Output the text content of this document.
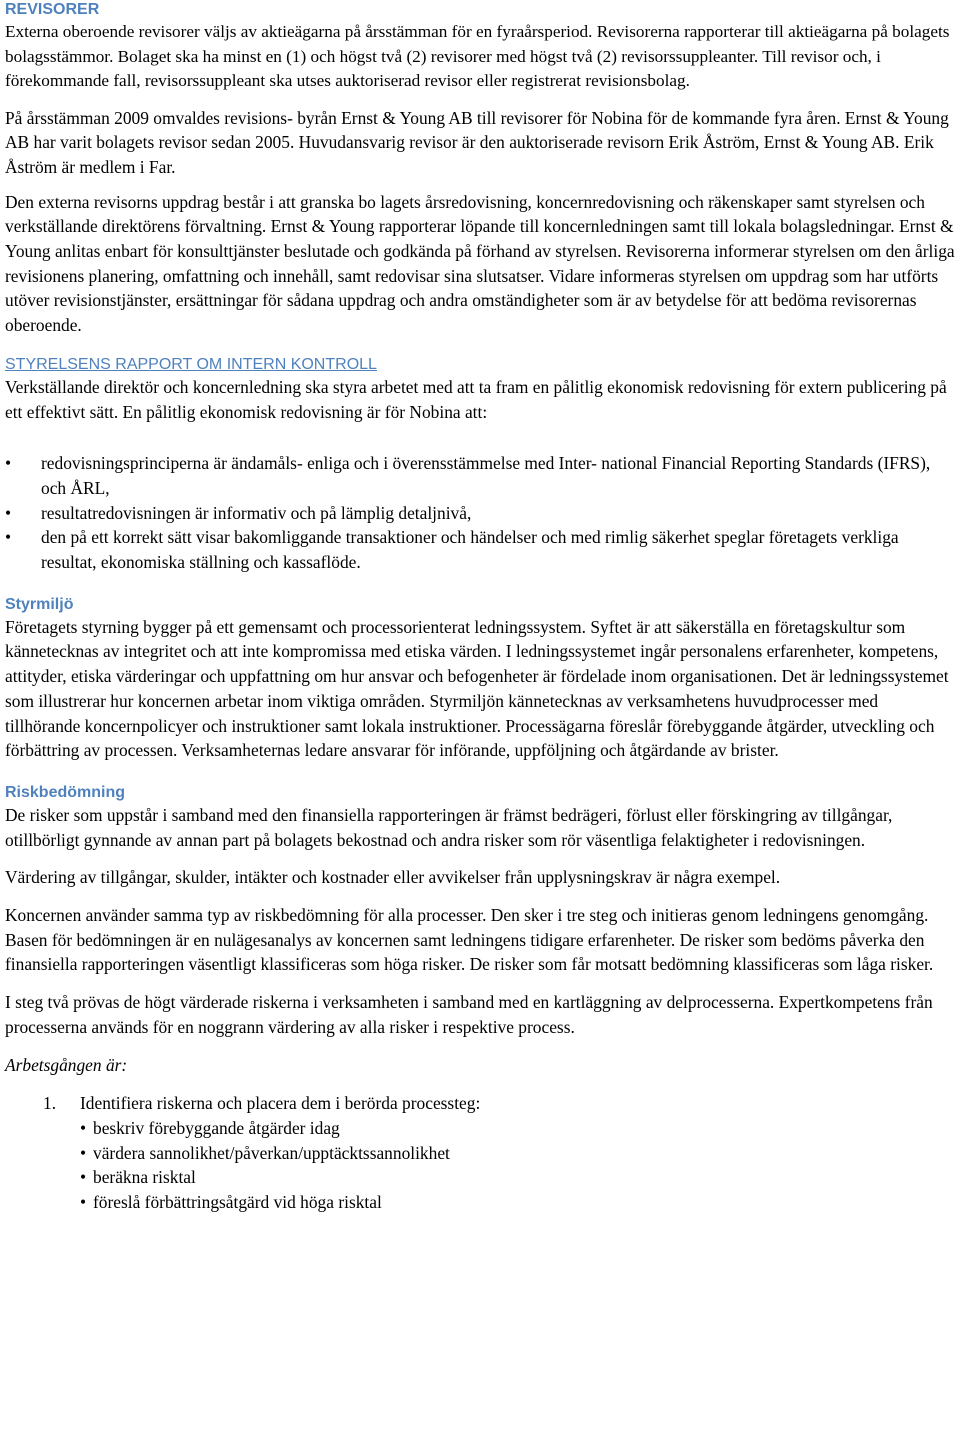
REVISORER

Externa oberoende revisorer väljs av aktieägarna på årsstämman för en fyraårsperiod. Revisorerna rapporterar till aktieägarna på bolagets bolagsstämmor. Bolaget ska ha minst en (1) och högst två (2) revisorer med högst två (2) revisorssuppleanter. Till revisor och, i förekommande fall, revisorssuppleant ska utses auktoriserad revisor eller registrerat revisionsbolag.

På årsstämman 2009 omvaldes revisions- byrån Ernst & Young AB till revisorer för Nobina för de kommande fyra åren. Ernst & Young AB har varit bolagets revisor sedan 2005. Huvudansvarig revisor är den auktoriserade revisorn Erik Åström, Ernst & Young AB. Erik Åström är medlem i Far.

Den externa revisorns uppdrag består i att granska bo lagets årsredovisning, koncernredovisning och räkenskaper samt styrelsen och verkställande direktörens förvaltning. Ernst & Young rapporterar löpande till koncernledningen samt till lokala bolagsledningar. Ernst & Young anlitas enbart för konsulttjänster beslutade och godkända på förhand av styrelsen. Revisorerna informerar styrelsen om den årliga revisionens planering, omfattning och innehåll, samt redovisar sina slutsatser. Vidare informeras styrelsen om uppdrag som har utförts utöver revisionstjänster, ersättningar för sådana uppdrag och andra omständigheter som är av betydelse för att bedöma revisorernas oberoende.

STYRELSENS RAPPORT OM INTERN KONTROLL

Verkställande direktör och koncernledning ska styra arbetet med att ta fram en pålitlig ekonomisk redovisning för extern publicering på ett effektivt sätt. En pålitlig ekonomisk redovisning är för Nobina att:

• redovisningsprinciperna är ändamåls- enliga och i överensstämmelse med Inter- national Financial Reporting Standards (IFRS), och ÅRL,
• resultatredovisningen är informativ och på lämplig detaljnivå,
• den på ett korrekt sätt visar bakomliggande transaktioner och händelser och med rimlig säkerhet speglar företagets verkliga resultat, ekonomiska ställning och kassaflöde.
Styrmiljö

Företagets styrning bygger på ett gemensamt och processorienterat ledningssystem. Syftet är att säkerställa en företagskultur som kännetecknas av integritet och att inte kompromissa med etiska värden. I ledningssystemet ingår personalens erfarenheter, kompetens, attityder, etiska värderingar och uppfattning om hur ansvar och befogenheter är fördelade inom organisationen. Det är ledningssystemet som illustrerar hur koncernen arbetar inom viktiga områden. Styrmiljön kännetecknas av verksamhetens huvudprocesser med tillhörande koncernpolicyer och instruktioner samt lokala instruktioner. Processägarna föreslår förebyggande åtgärder, utveckling och förbättring av processen. Verksamheternas ledare ansvarar för införande, uppföljning och åtgärdande av brister.

Riskbedömning

De risker som uppstår i samband med den finansiella rapporteringen är främst bedrägeri, förlust eller förskingring av tillgångar, otillbörligt gynnande av annan part på bolagets bekostnad och andra risker som rör väsentliga felaktigheter i redovisningen.

Värdering av tillgångar, skulder, intäkter och kostnader eller avvikelser från upplysningskrav är några exempel.

Koncernen använder samma typ av riskbedömning för alla processer. Den sker i tre steg och initieras genom ledningens genomgång. Basen för bedömningen är en nulägesanalys av koncernen samt ledningens tidigare erfarenheter. De risker som bedöms påverka den finansiella rapporteringen väsentligt klassificeras som höga risker. De risker som får motsatt bedömning klassificeras som låga risker.

I steg två prövas de högt värderade riskerna i verksamheten i samband med en kartläggning av delprocesserna. Expertkompetens från processerna används för en noggrann värdering av alla risker i respektive process.

Arbetsgången är:

1. Identifiera riskerna och placera dem i berörda processteg:
• beskriv förebyggande åtgärder idag
• värdera sannolikhet/påverkan/upptäcktssannolikhet
• beräkna risktal
• föreslå förbättringsåtgärd vid höga risktal
